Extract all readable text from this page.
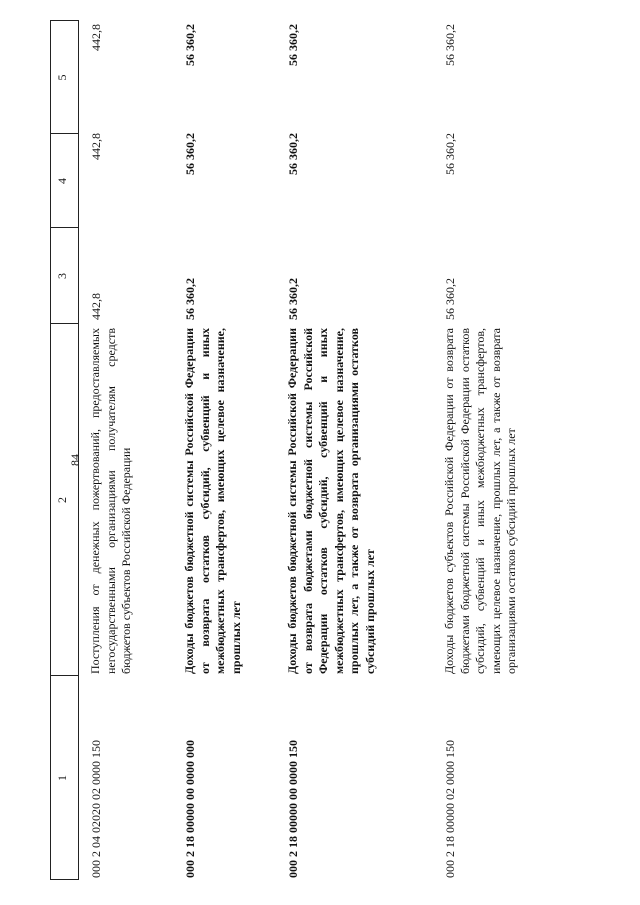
84
1
2
3
4
5
000 2 04 02020 02 0000 150
Поступления от денежных пожертвований, предоставляемых негосударственными организациями получателям средств бюджетов субъектов Российской Федерации
442,8
442,8
442,8
000 2 18 00000 00 0000 000
Доходы бюджетов бюджетной системы Российской Федерации от возврата остатков субсидий, субвенций и иных межбюджетных трансфертов, имеющих целевое назначение, прошлых лет
56 360,2
56 360,2
56 360,2
000 2 18 00000 00 0000 150
Доходы бюджетов бюджетной системы Российской Федерации от возврата бюджетами бюджетной системы Российской Федерации остатков субсидий, субвенций и иных межбюджетных трансфертов, имеющих целевое назначение, прошлых лет, а также от возврата организациями остатков субсидий прошлых лет
56 360,2
56 360,2
56 360,2
000 2 18 00000 02 0000 150
Доходы бюджетов субъектов Российской Федерации от возврата бюджетами бюджетной системы Российской Федерации остатков субсидий, субвенций и иных межбюджетных трансфертов, имеющих целевое назначение, прошлых лет, а также от возврата организациями остатков субсидий прошлых лет
56 360,2
56 360,2
56 360,2
